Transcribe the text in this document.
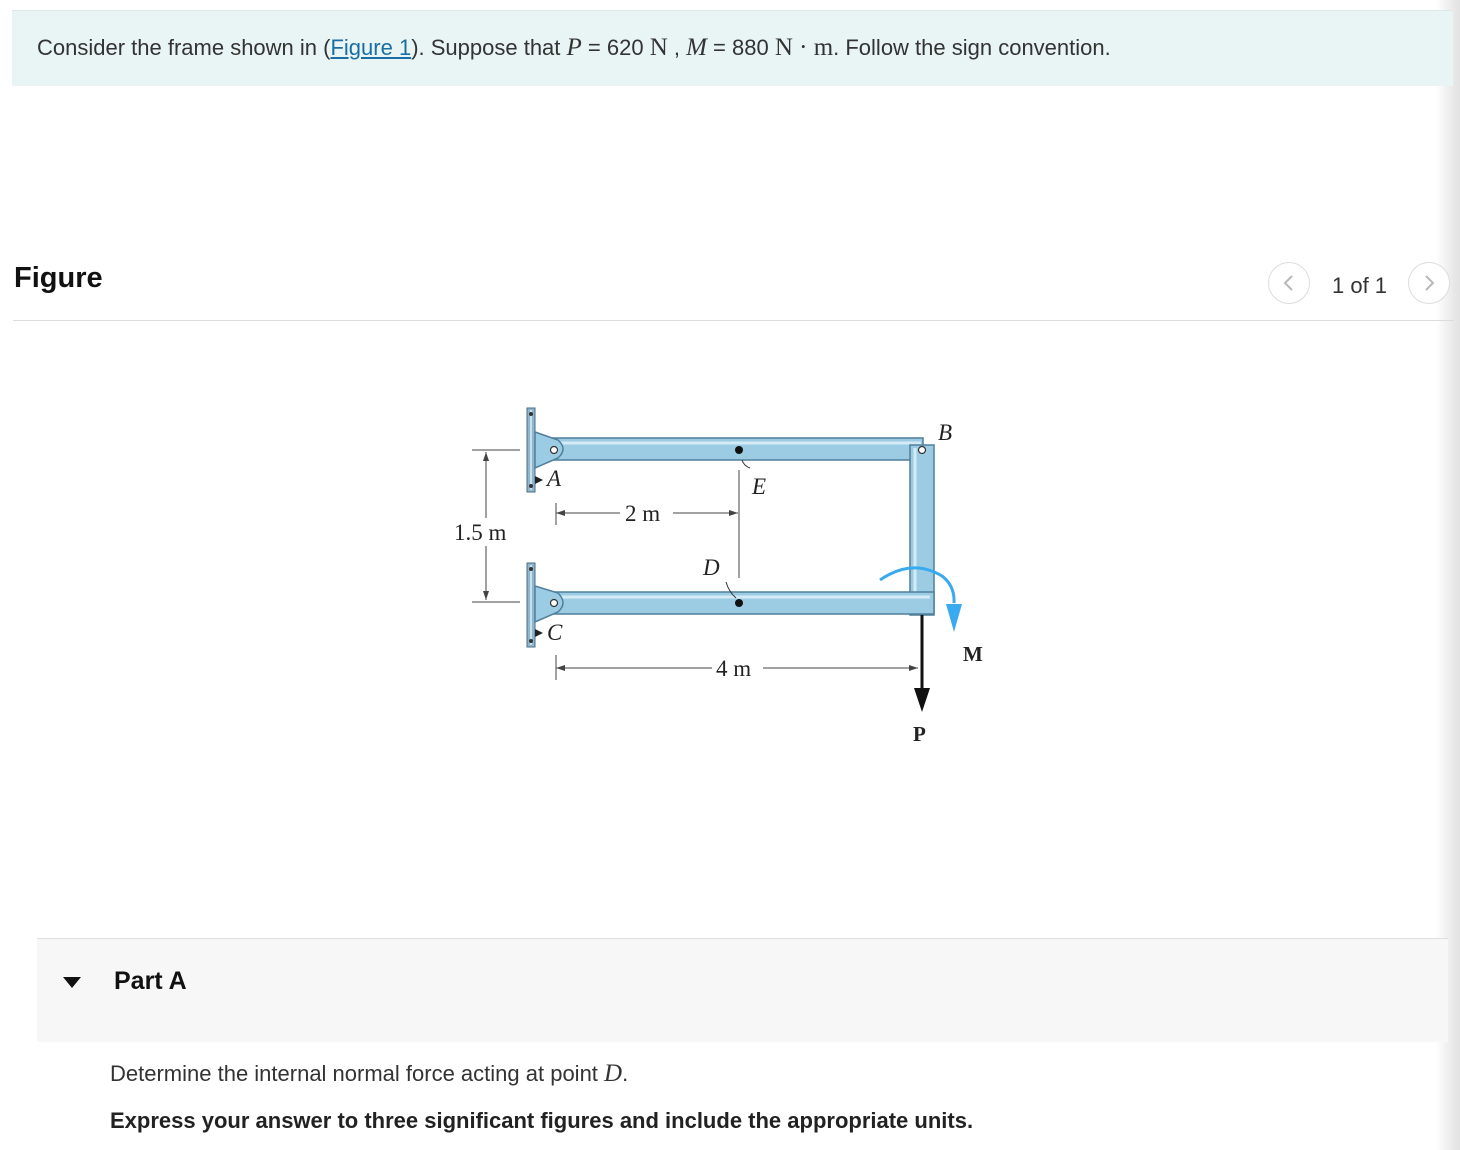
Consider the frame shown in (Figure 1). Suppose that P = 620 N , M = 880 N · m. Follow the sign convention.
Figure	1 of 1
A
B
C
D
E
1.5 m
2 m
4 m
P
M
Part A
Determine the internal normal force acting at point D.
Express your answer to three significant figures and include the appropriate units.
